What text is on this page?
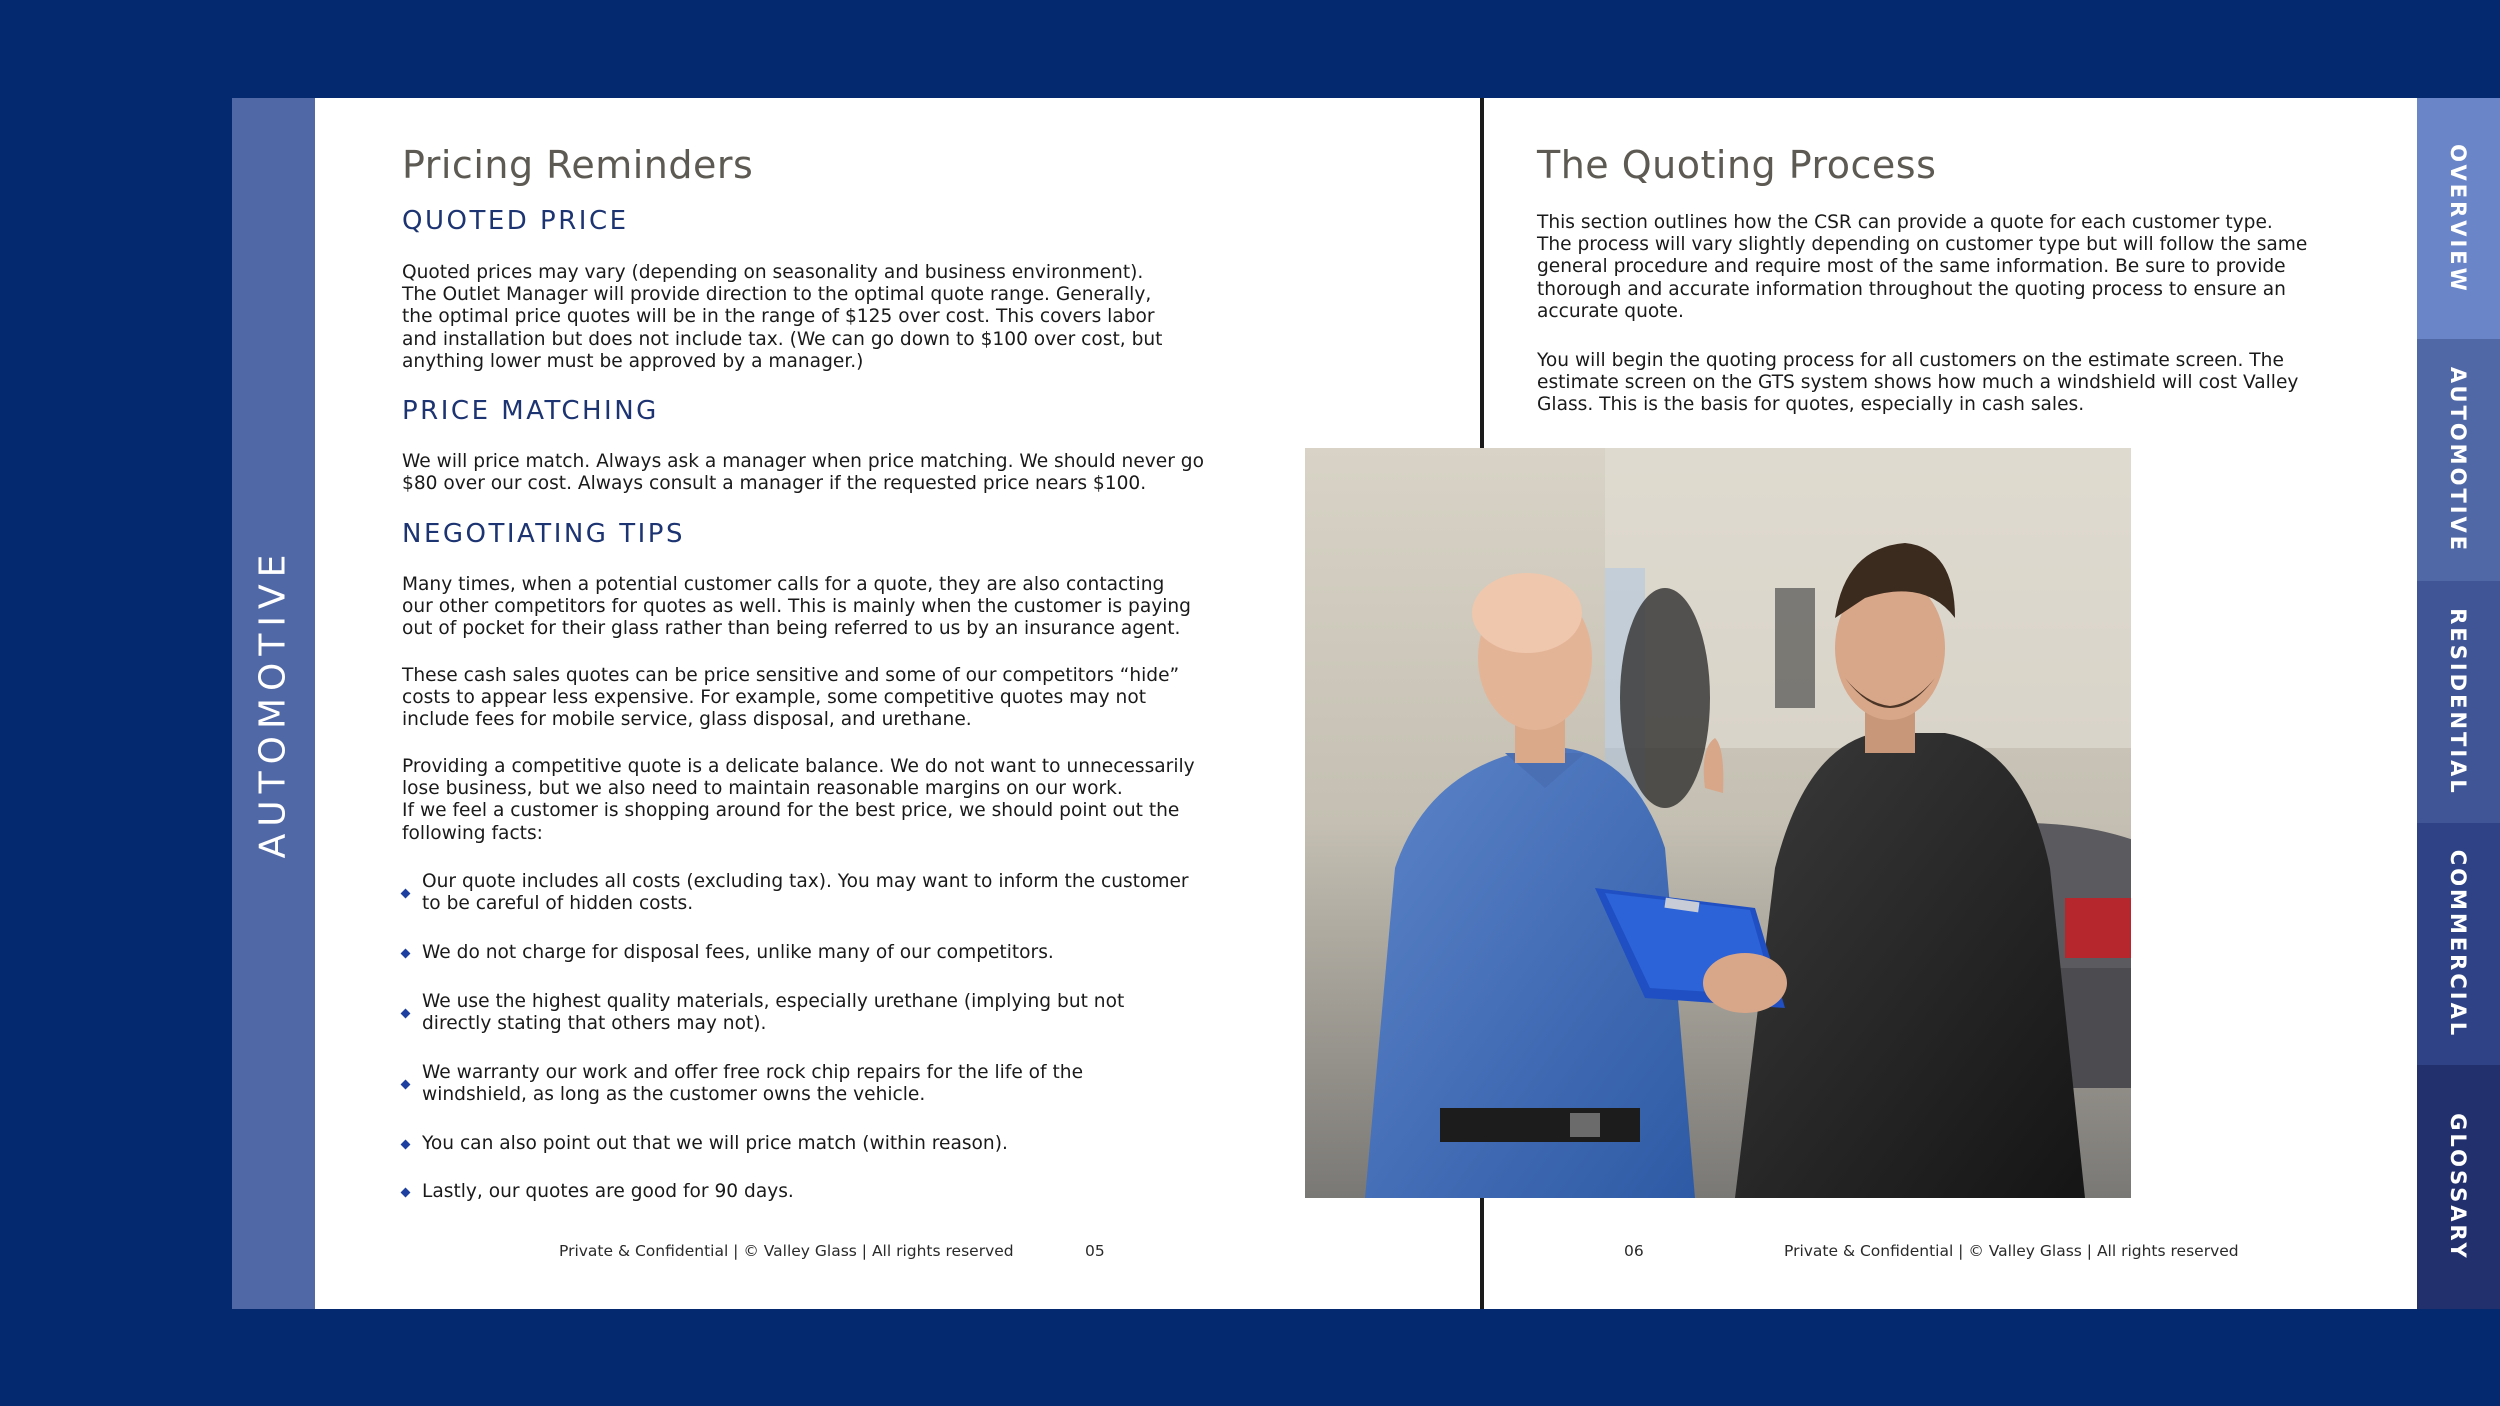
AUTOMOTIVE
Pricing Reminders
QUOTED PRICE

Quoted prices may vary (depending on seasonality and business environment).
The Outlet Manager will provide direction to the optimal quote range. Generally,
the optimal price quotes will be in the range of $125 over cost. This covers labor
and installation but does not include tax. (We can go down to $100 over cost, but
anything lower must be approved by a manager.)

PRICE MATCHING

We will price match. Always ask a manager when price matching. We should never go
$80 over our cost. Always consult a manager if the requested price nears $100.

NEGOTIATING TIPS

Many times, when a potential customer calls for a quote, they are also contacting
our other competitors for quotes as well. This is mainly when the customer is paying
out of pocket for their glass rather than being referred to us by an insurance agent.

These cash sales quotes can be price sensitive and some of our competitors “hide”
costs to appear less expensive. For example, some competitive quotes may not
include fees for mobile service, glass disposal, and urethane.

Providing a competitive quote is a delicate balance. We do not want to unnecessarily
lose business, but we also need to maintain reasonable margins on our work.
If we feel a customer is shopping around for the best price, we should point out the
following facts:

Our quote includes all costs (excluding tax). You may want to inform the customer
to be careful of hidden costs.
We do not charge for disposal fees, unlike many of our competitors.
We use the highest quality materials, especially urethane (implying but not
directly stating that others may not).
We warranty our work and offer free rock chip repairs for the life of the
windshield, as long as the customer owns the vehicle.
You can also point out that we will price match (within reason).
Lastly, our quotes are good for 90 days.

Private & Confidential | © Valley Glass | All rights reserved	05

The Quoting Process

This section outlines how the CSR can provide a quote for each customer type.
The process will vary slightly depending on customer type but will follow the same
general procedure and require most of the same information. Be sure to provide
thorough and accurate information throughout the quoting process to ensure an
accurate quote.

You will begin the quoting process for all customers on the estimate screen. The
estimate screen on the GTS system shows how much a windshield will cost Valley
Glass. This is the basis for quotes, especially in cash sales.

06	Private & Confidential | © Valley Glass | All rights reserved

OVERVIEW
AUTOMOTIVE
RESIDENTIAL
COMMERCIAL
GLOSSARY
